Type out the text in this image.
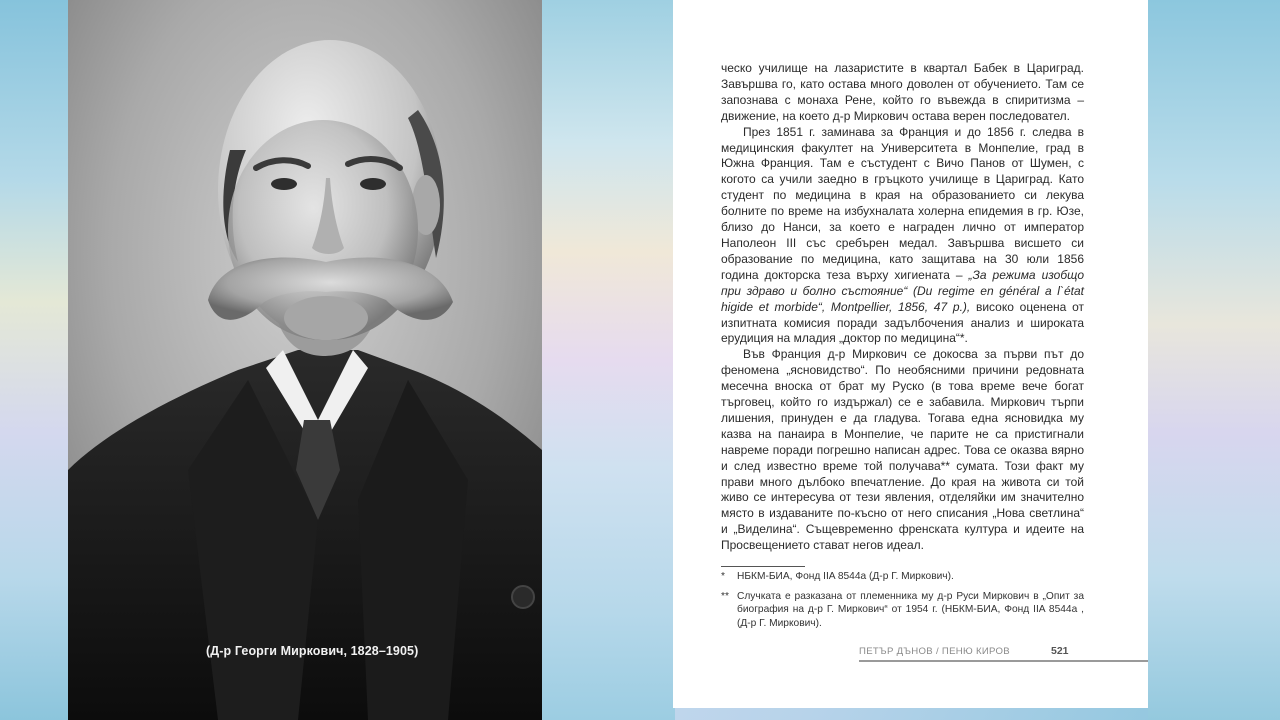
(Д-р Георги Миркович, 1828–1905)

ческо училище на лазаристите в квартал Бабек в Цариград. Завършва го, като остава много доволен от обучението. Там се запознава с монаха Рене, който го въвежда в спиритизма – движение, на което д-р Миркович остава верен последовател.

През 1851 г. заминава за Франция и до 1856 г. следва в медицинския факултет на Университета в Монпелие, град в Южна Франция. Там е състудент с Вичо Панов от Шумен, с когото са учили заедно в гръцкото училище в Цариград. Като студент по медицина в края на образованието си лекува болните по време на избухналата холерна епидемия в гр. Юзе, близо до Нанси, за което е награден лично от император Наполеон III със сребърен медал. Завършва висшето си образование по медицина, като защитава на 30 юли 1856 година докторска теза върху хигиената – „За режима изобщо при здраво и болно състояние“ (Du regime en général a l`état higide et morbide“, Montpellier, 1856, 47 p.), високо оценена от изпитната комисия поради задълбочения анализ и широката ерудиция на младия „доктор по медицина“*.

Във Франция д-р Миркович се докосва за първи път до феномена „ясновидство“. По необясними причини редовната месечна вноска от брат му Руско (в това време вече богат търговец, който го издържал) се е забавила. Миркович търпи лишения, принуден е да гладува. Тогава една ясновидка му казва на панаира в Монпелие, че парите не са пристигнали навреме поради погрешно написан адрес. Това се оказва вярно и след известно време той получава** сумата. Този факт му прави много дълбоко впечатление. До края на живота си той живо се интересува от тези явления, отделяйки им значително място в издаваните по-късно от него списания „Нова светлина“ и „Виделина“. Същевременно френската култура и идеите на Просвещението стават негов идеал.

*	НБКМ-БИА, Фонд IIA 8544а (Д-р Г. Миркович).
** Случката е разказана от племенника му д-р Руси Миркович в „Опит за биография на д-р Г. Миркович“ от 1954 г. (НБКМ-БИА, Фонд IIA 8544а , (Д-р Г. Миркович).
ПЕТЪР ДЪНОВ / ПЕНЮ КИРОВ	521
